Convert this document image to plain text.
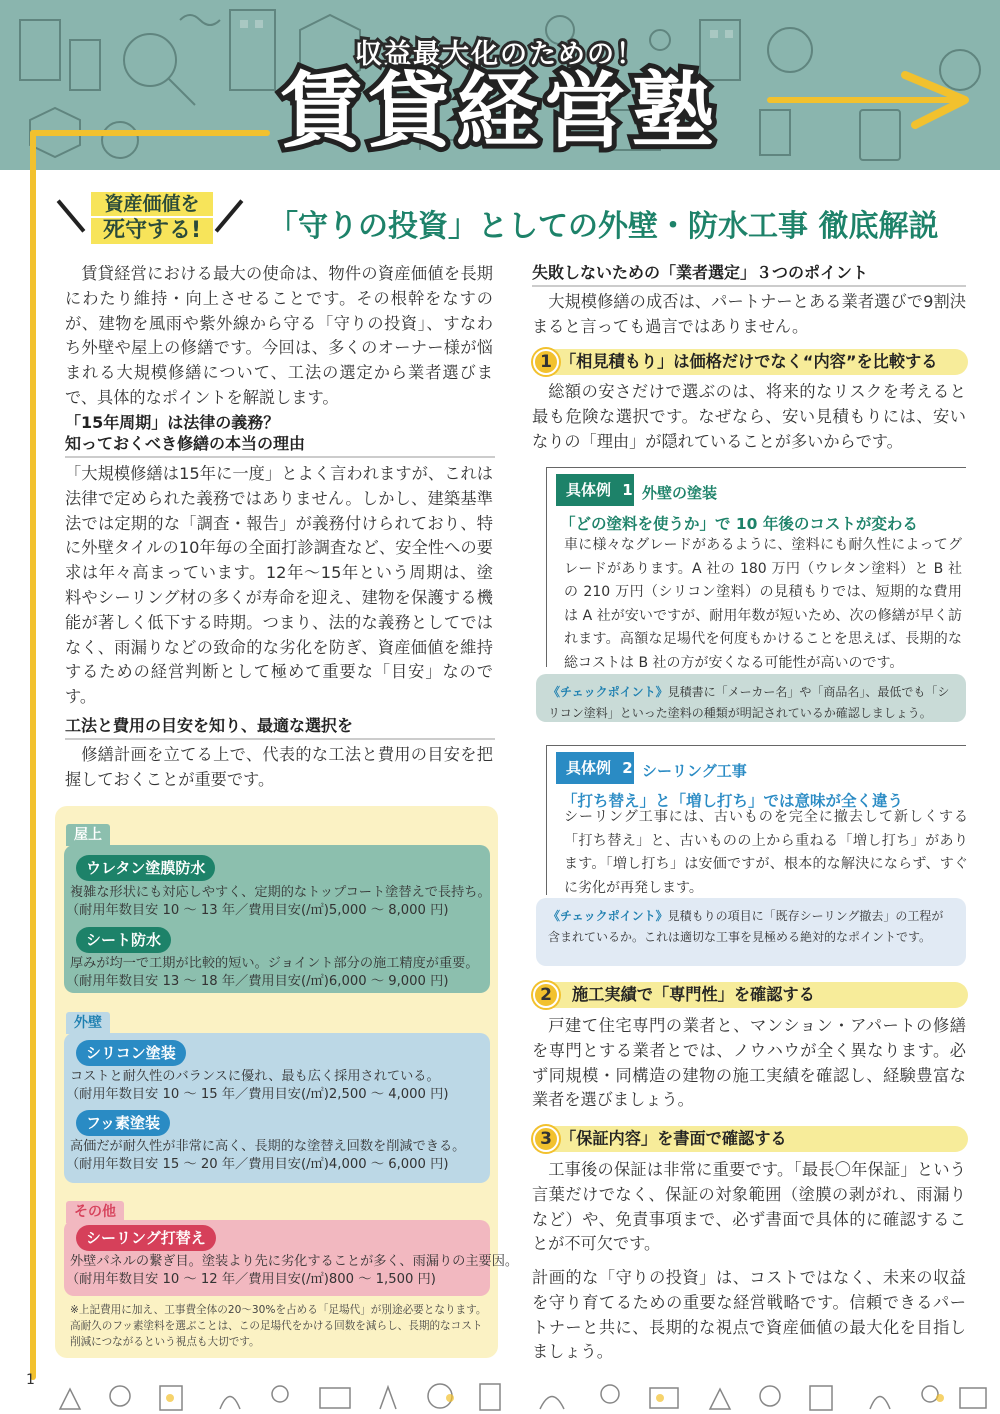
収益最大化のための！
賃貸経営塾
資産価値を
死守する!	「守りの投資」としての外壁・防水工事 徹底解説
賃貸経営における最大の使命は、物件の資産価値を長期にわたり維持・向上させることです。その根幹をなすのが、建物を風雨や紫外線から守る「守りの投資」、すなわち外壁や屋上の修繕です。今回は、多くのオーナー様が悩まれる大規模修繕について、工法の選定から業者選びまで、具体的なポイントを解説します。
「15年周期」は法律の義務？
知っておくべき修繕の本当の理由
「大規模修繕は15年に一度」とよく言われますが、これは法律で定められた義務ではありません。しかし、建築基準法では定期的な「調査・報告」が義務付けられており、特に外壁タイルの10年毎の全面打診調査など、安全性への要求は年々高まっています。12年〜15年という周期は、塗料やシーリング材の多くが寿命を迎え、建物を保護する機能が著しく低下する時期。つまり、法的な義務としてではなく、雨漏りなどの致命的な劣化を防ぎ、資産価値を維持するための経営判断として極めて重要な「目安」なのです。
工法と費用の目安を知り、最適な選択を
修繕計画を立てる上で、代表的な工法と費用の目安を把握しておくことが重要です。
屋上
ウレタン塗膜防水
複雑な形状にも対応しやすく、定期的なトップコート塗替えで長持ち。
（耐用年数目安 10 ～ 13 年／費用目安(/㎡)5,000 ～ 8,000 円)
シート防水
厚みが均一で工期が比較的短い。ジョイント部分の施工精度が重要。
（耐用年数目安 13 ～ 18 年／費用目安(/㎡)6,000 ～ 9,000 円)
外壁
シリコン塗装
コストと耐久性のバランスに優れ、最も広く採用されている。
（耐用年数目安 10 ～ 15 年／費用目安(/㎡)2,500 ～ 4,000 円)
フッ素塗装
高価だが耐久性が非常に高く、長期的な塗替え回数を削減できる。
（耐用年数目安 15 ～ 20 年／費用目安(/㎡)4,000 ～ 6,000 円)
その他
シーリング打替え
外壁パネルの繋ぎ目。塗装より先に劣化することが多く、雨漏りの主要因。
（耐用年数目安 10 ～ 12 年／費用目安(/㎡)800 ～ 1,500 円)
※上記費用に加え、工事費全体の20〜30%を占める「足場代」が別途必要となります。高耐久のフッ素塗料を選ぶことは、この足場代をかける回数を減らし、長期的なコスト削減につながるという視点も大切です。
失敗しないための「業者選定」３つのポイント
大規模修繕の成否は、パートナーとある業者選びで9割決まると言っても過言ではありません。
「相見積もり」は価格だけでなく“内容”を比較する
1
総額の安さだけで選ぶのは、将来的なリスクを考えると最も危険な選択です。なぜなら、安い見積もりには、安いなりの「理由」が隠れていることが多いからです。
具体例 1 外壁の塗装
「どの塗料を使うか」で 10 年後のコストが変わる
車に様々なグレードがあるように、塗料にも耐久性によってグレードがあります。A 社の 180 万円（ウレタン塗料）と B 社の 210 万円（シリコン塗料）の見積もりでは、短期的な費用は A 社が安いですが、耐用年数が短いため、次の修繕が早く訪れます。高額な足場代を何度もかけることを思えば、長期的な総コストは B 社の方が安くなる可能性が高いのです。
《チェックポイント》見積書に「メーカー名」や「商品名」、最低でも「シリコン塗料」といった塗料の種類が明記されているか確認しましょう。
具体例 2 シーリング工事
「打ち替え」と「増し打ち」では意味が全く違う
シーリング工事には、古いものを完全に撤去して新しくする「打ち替え」と、古いものの上から重ねる「増し打ち」があります。「増し打ち」は安価ですが、根本的な解決にならず、すぐに劣化が再発します。
《チェックポイント》見積もりの項目に「既存シーリング撤去」の工程が含まれているか。これは適切な工事を見極める絶対的なポイントです。
施工実績で「専門性」を確認する
2
戸建て住宅専門の業者と、マンション・アパートの修繕を専門とする業者とでは、ノウハウが全く異なります。必ず同規模・同構造の建物の施工実績を確認し、経験豊富な業者を選びましょう。
「保証内容」を書面で確認する
3
工事後の保証は非常に重要です。「最長〇年保証」という言葉だけでなく、保証の対象範囲（塗膜の剥がれ、雨漏りなど）や、免責事項まで、必ず書面で具体的に確認することが不可欠です。
計画的な「守りの投資」は、コストではなく、未来の収益を守り育てるための重要な経営戦略です。信頼できるパートナーと共に、長期的な視点で資産価値の最大化を目指しましょう。
1
